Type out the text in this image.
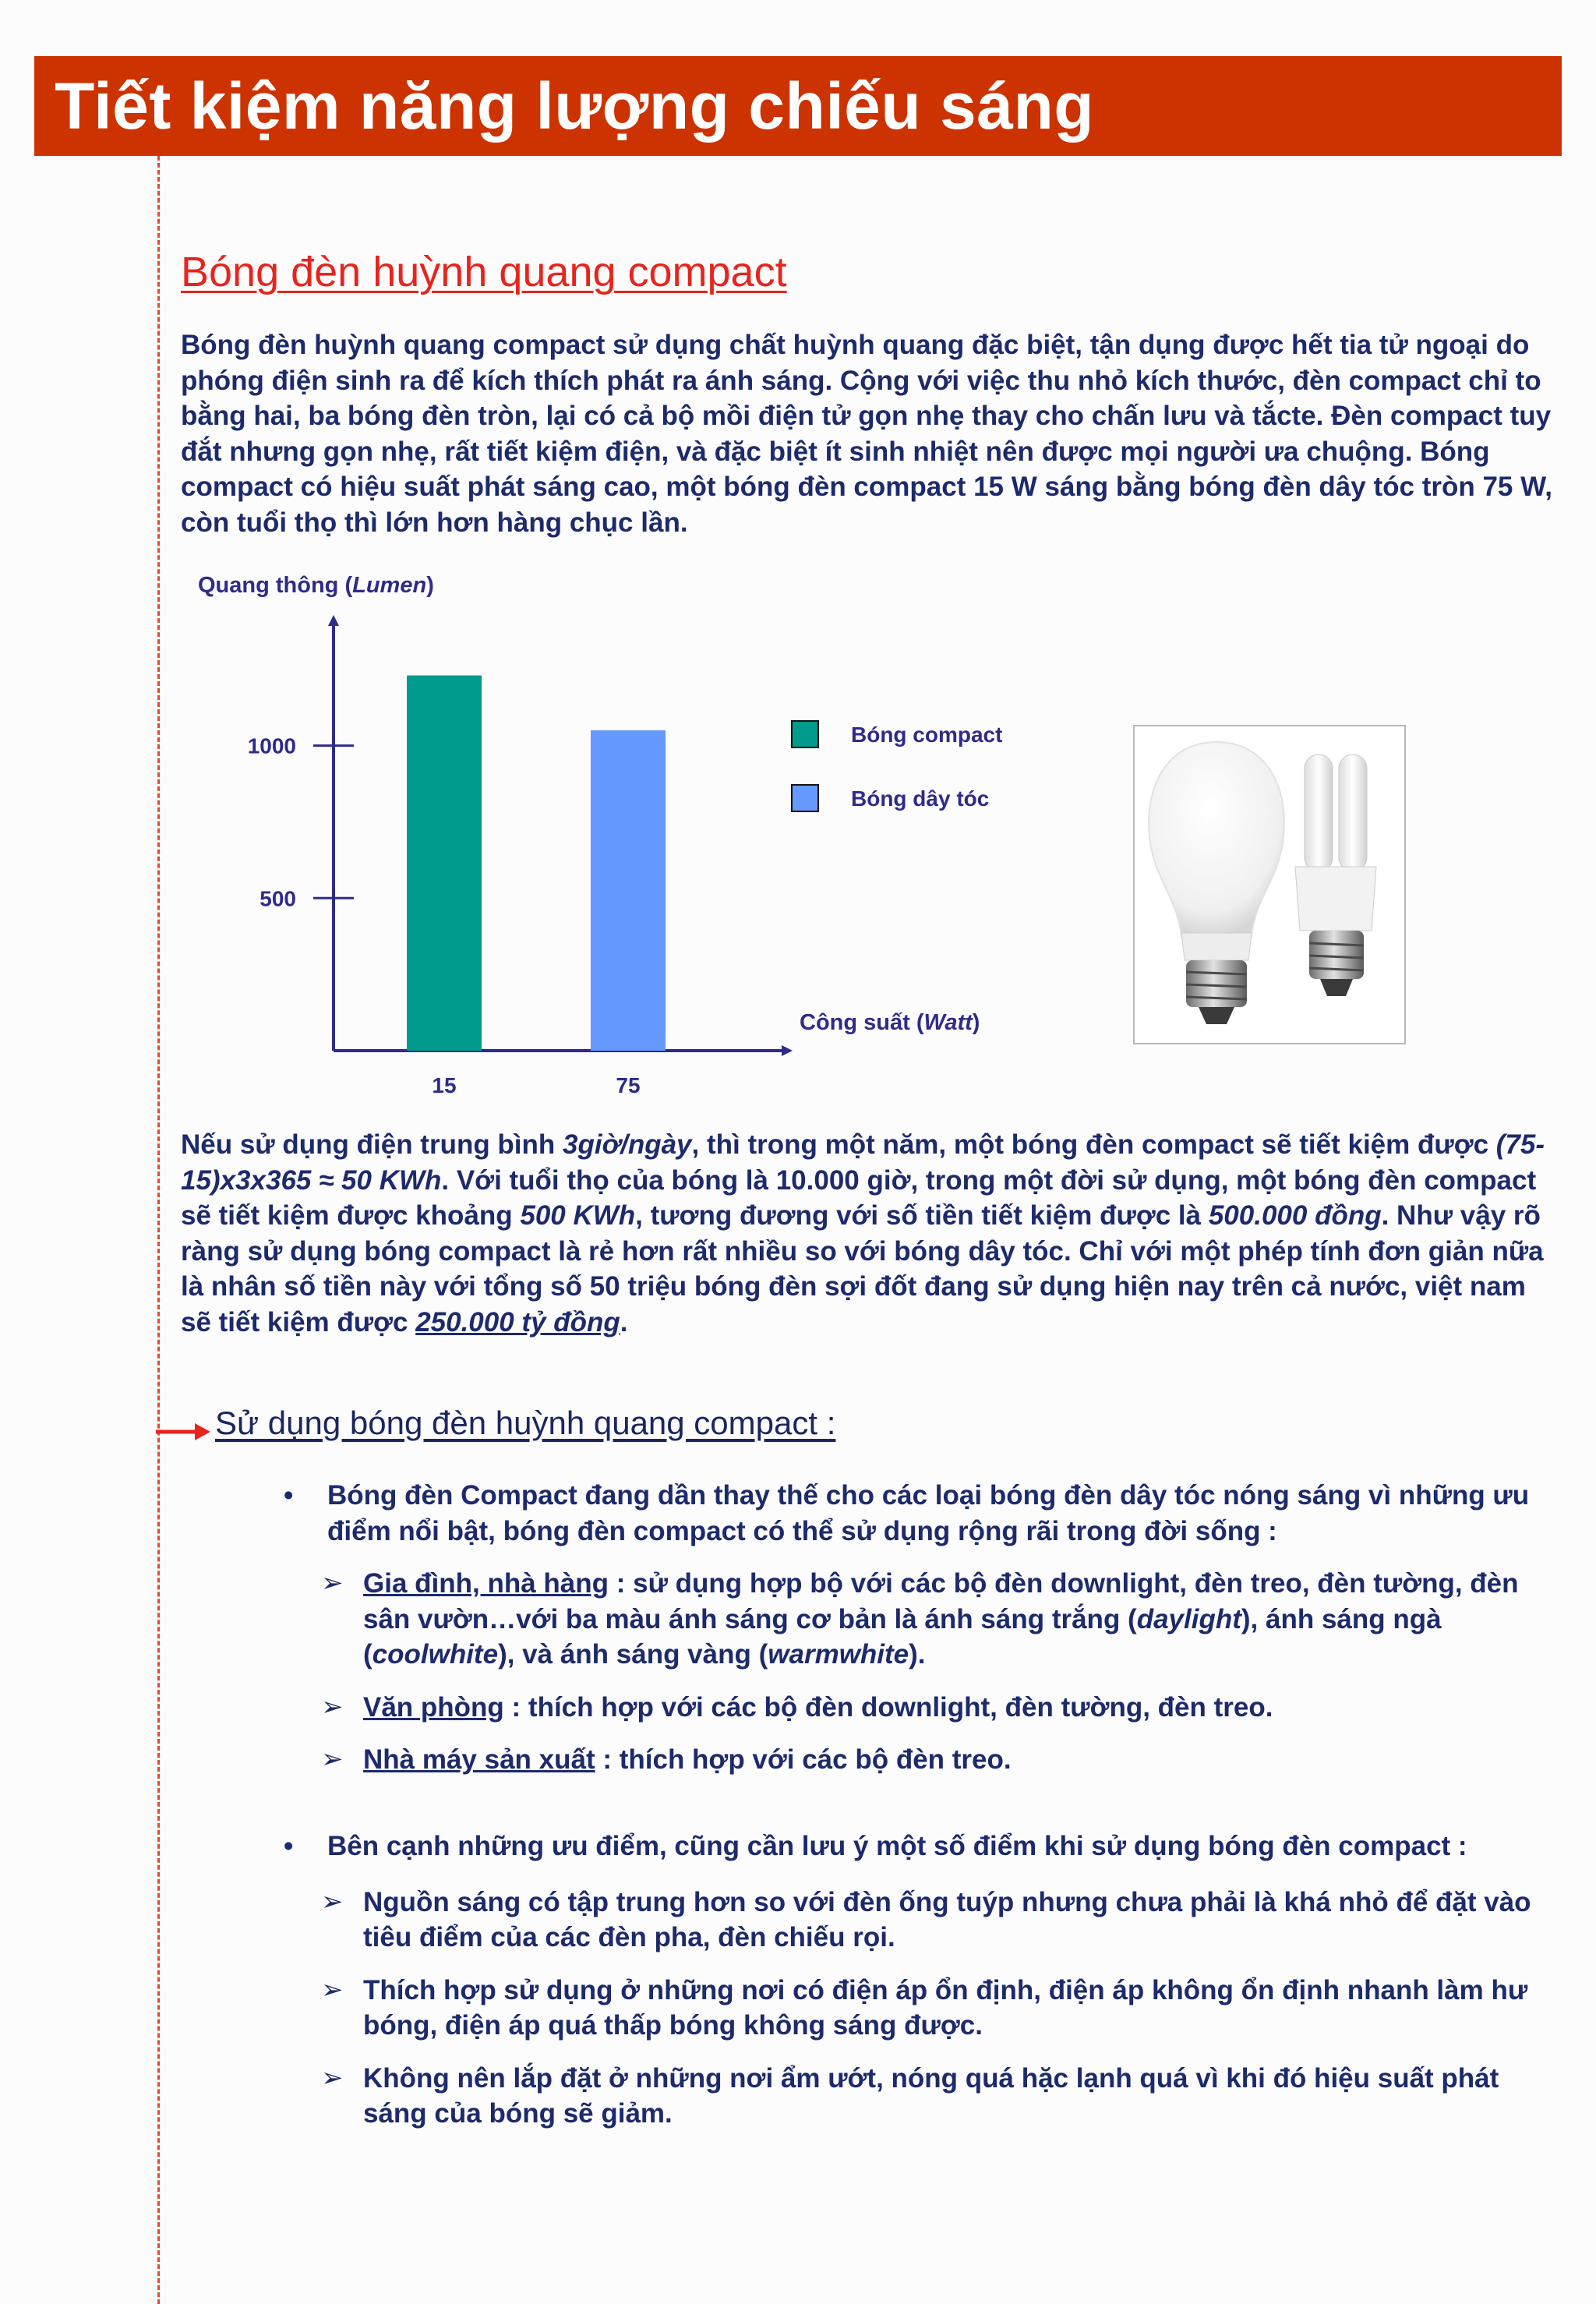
Tiết kiệm năng lượng chiếu sáng
Bóng đèn huỳnh quang compact

Bóng đèn huỳnh quang compact sử dụng chất huỳnh quang đặc biệt, tận dụng được hết tia tử ngoại do phóng điện sinh ra để kích thích phát ra ánh sáng. Cộng với việc thu nhỏ kích thước, đèn compact chỉ to bằng hai, ba bóng đèn tròn, lại có cả bộ mồi điện tử gọn nhẹ thay cho chấn lưu và tắcte. Đèn compact tuy đắt nhưng gọn nhẹ, rất tiết kiệm điện, và đặc biệt ít sinh nhiệt nên được mọi người ưa chuộng. Bóng compact có hiệu suất phát sáng cao, một bóng đèn compact 15 W sáng bằng bóng đèn dây tóc tròn 75 W, còn tuổi thọ thì lớn hơn hàng chục lần.

Quang thông (Lumen)
1000
500
15	75
Bóng compact
Bóng dây tóc
Công suất (Watt)

Nếu sử dụng điện trung bình 3giờ/ngày, thì trong một năm, một bóng đèn compact sẽ tiết kiệm được (75-15)x3x365 ≈ 50 KWh. Với tuổi thọ của bóng là 10.000 giờ, trong một đời sử dụng, một bóng đèn compact sẽ tiết kiệm được khoảng 500 KWh, tương đương với số tiền tiết kiệm được là 500.000 đồng. Như vậy rõ ràng sử dụng bóng compact là rẻ hơn rất nhiều so với bóng dây tóc. Chỉ với một phép tính đơn giản nữa là nhân số tiền này với tổng số 50 triệu bóng đèn sợi đốt đang sử dụng hiện nay trên cả nước, việt nam sẽ tiết kiệm được 250.000 tỷ đồng.

Sử dụng bóng đèn huỳnh quang compact :
• Bóng đèn Compact đang dần thay thế cho các loại bóng đèn dây tóc nóng sáng vì những ưu điểm nổi bật, bóng đèn compact có thể sử dụng rộng rãi trong đời sống :
➢ Gia đình, nhà hàng : sử dụng hợp bộ với các bộ đèn downlight, đèn treo, đèn tường, đèn sân vườn…với ba màu ánh sáng cơ bản là ánh sáng trắng (daylight), ánh sáng ngà (coolwhite), và ánh sáng vàng (warmwhite).
➢ Văn phòng : thích hợp với các bộ đèn downlight, đèn tường, đèn treo.
➢ Nhà máy sản xuất : thích hợp với các bộ đèn treo.
• Bên cạnh những ưu điểm, cũng cần lưu ý một số điểm khi sử dụng bóng đèn compact :
➢ Nguồn sáng có tập trung hơn so với đèn ống tuýp nhưng chưa phải là khá nhỏ để đặt vào tiêu điểm của các đèn pha, đèn chiếu rọi.
➢ Thích hợp sử dụng ở những nơi có điện áp ổn định, điện áp không ổn định nhanh làm hư bóng, điện áp quá thấp bóng không sáng được.
➢ Không nên lắp đặt ở những nơi ẩm ướt, nóng quá hặc lạnh quá vì khi đó hiệu suất phát sáng của bóng sẽ giảm.
